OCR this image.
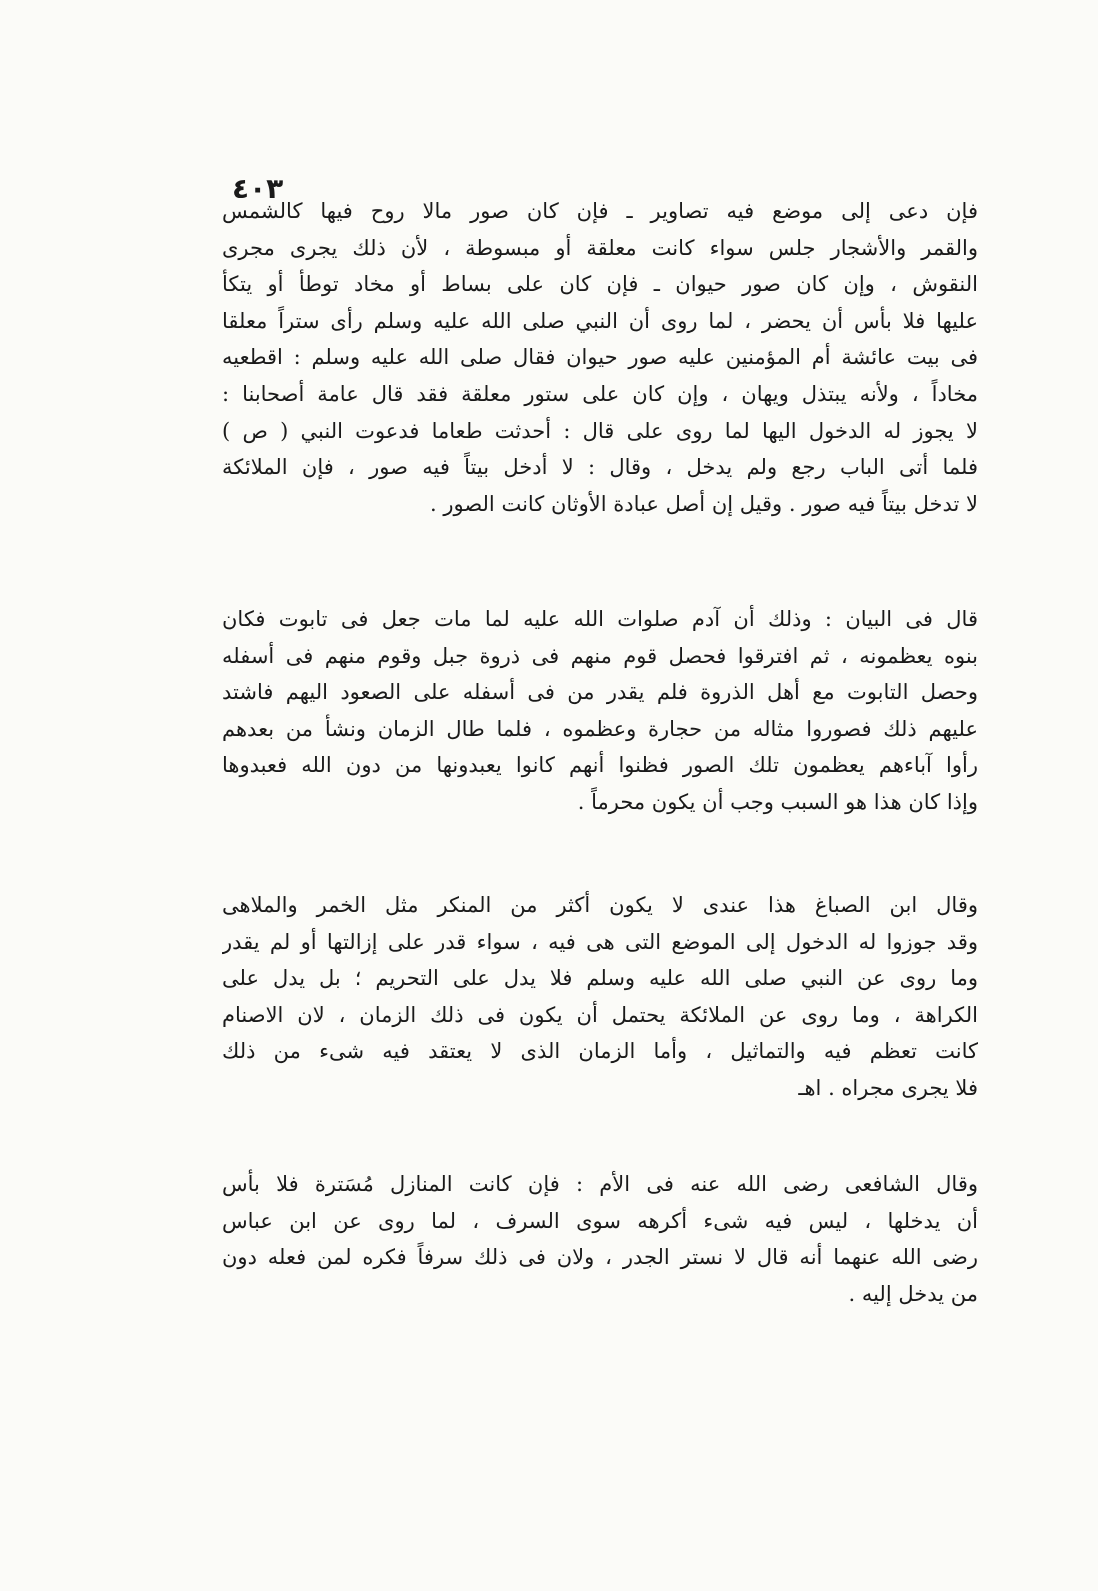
٤٠٣
فإن دعى إلى موضع فيه تصاوير ـ فإن كان صور مالا روح فيها كالشمس
والقمر والأشجار جلس سواء كانت معلقة أو مبسوطة ، لأن ذلك يجرى مجرى
النقوش ، وإن كان صور حيوان ـ فإن كان على بساط أو مخاد توطأ أو يتكأ
عليها فلا بأس أن يحضر ، لما روى أن النبي صلى الله عليه وسلم رأى ستراً معلقا
فى بيت عائشة أم المؤمنين عليه صور حيوان فقال صلى الله عليه وسلم : اقطعيه
مخاداً ، ولأنه يبتذل ويهان ، وإن كان على ستور معلقة فقد قال عامة أصحابنا :
لا يجوز له الدخول اليها لما روى على قال : أحدثت طعاما فدعوت النبي ( ص )
فلما أتى الباب رجع ولم يدخل ، وقال : لا أدخل بيتاً فيه صور ، فإن الملائكة
لا تدخل بيتاً فيه صور . وقيل إن أصل عبادة الأوثان كانت الصور .
قال فى البيان : وذلك أن آدم صلوات الله عليه لما مات جعل فى تابوت فكان
بنوه يعظمونه ، ثم افترقوا فحصل قوم منهم فى ذروة جبل وقوم منهم فى أسفله
وحصل التابوت مع أهل الذروة فلم يقدر من فى أسفله على الصعود اليهم فاشتد
عليهم ذلك فصوروا مثاله من حجارة وعظموه ، فلما طال الزمان ونشأ من بعدهم
رأوا آباءهم يعظمون تلك الصور فظنوا أنهم كانوا يعبدونها من دون الله فعبدوها
وإذا كان هذا هو السبب وجب أن يكون محرماً .
وقال ابن الصباغ هذا عندى لا يكون أكثر من المنكر مثل الخمر والملاهى
وقد جوزوا له الدخول إلى الموضع التى هى فيه ، سواء قدر على إزالتها أو لم يقدر
وما روى عن النبي صلى الله عليه وسلم فلا يدل على التحريم ؛ بل يدل على
الكراهة ، وما روى عن الملائكة يحتمل أن يكون فى ذلك الزمان ، لان الاصنام
كانت تعظم فيه والتماثيل ، وأما الزمان الذى لا يعتقد فيه شىء من ذلك
فلا يجرى مجراه . اهـ
وقال الشافعى رضى الله عنه فى الأم : فإن كانت المنازل مُسَترة فلا بأس
أن يدخلها ، ليس فيه شىء أكرهه سوى السرف ، لما روى عن ابن عباس
رضى الله عنهما أنه قال لا نستر الجدر ، ولان فى ذلك سرفاً فكره لمن فعله دون
من يدخل إليه .
